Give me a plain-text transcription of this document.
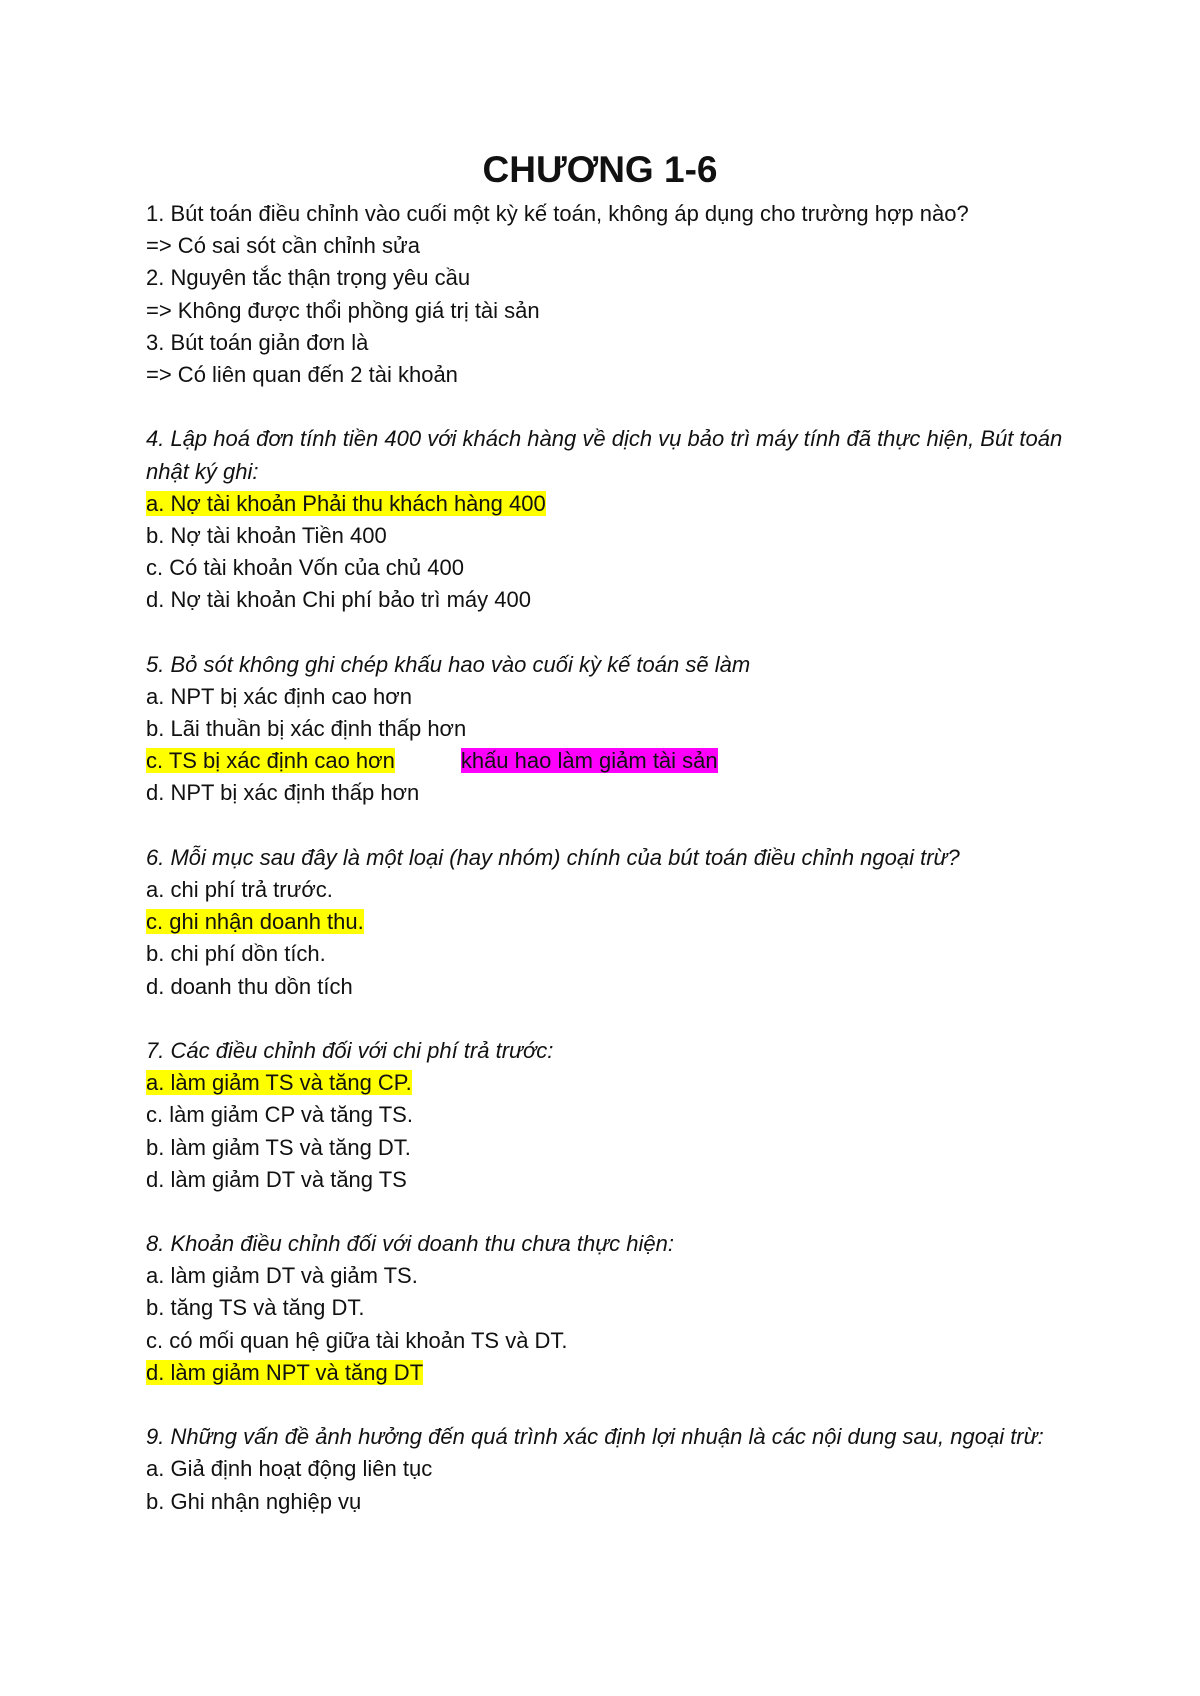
CHƯƠNG 1-6
1. Bút toán điều chỉnh vào cuối một kỳ kế toán, không áp dụng cho trường hợp nào?
=> Có sai sót cần chỉnh sửa
2. Nguyên tắc thận trọng yêu cầu
=> Không được thổi phồng giá trị tài sản
3. Bút toán giản đơn là
=> Có liên quan đến 2 tài khoản
4. Lập hoá đơn tính tiền 400 với khách hàng về dịch vụ bảo trì máy tính đã thực hiện, Bút toán nhật ký ghi:
a. Nợ tài khoản Phải thu khách hàng 400
b. Nợ tài khoản Tiền 400
c. Có tài khoản Vốn của chủ 400
d. Nợ tài khoản Chi phí bảo trì máy 400
5. Bỏ sót không ghi chép khấu hao vào cuối kỳ kế toán sẽ làm
a. NPT bị xác định cao hơn
b. Lãi thuần bị xác định thấp hơn
c. TS bị xác định cao hơn	khấu hao làm giảm tài sản
d. NPT bị xác định thấp hơn
6. Mỗi mục sau đây là một loại (hay nhóm) chính của bút toán điều chỉnh ngoại trừ?
a. chi phí trả trước.
c. ghi nhận doanh thu.
b. chi phí dồn tích.
d. doanh thu dồn tích
7. Các điều chỉnh đối với chi phí trả trước:
a. làm giảm TS và tăng CP.
c. làm giảm CP và tăng TS.
b. làm giảm TS và tăng DT.
d. làm giảm DT và tăng TS
8. Khoản điều chỉnh đối với doanh thu chưa thực hiện:
a. làm giảm DT và giảm TS.
b. tăng TS và tăng DT.
c. có mối quan hệ giữa tài khoản TS và DT.
d. làm giảm NPT và tăng DT
9. Những vấn đề ảnh hưởng đến quá trình xác định lợi nhuận là các nội dung sau, ngoại trừ:
a. Giả định hoạt động liên tục
b. Ghi nhận nghiệp vụ
